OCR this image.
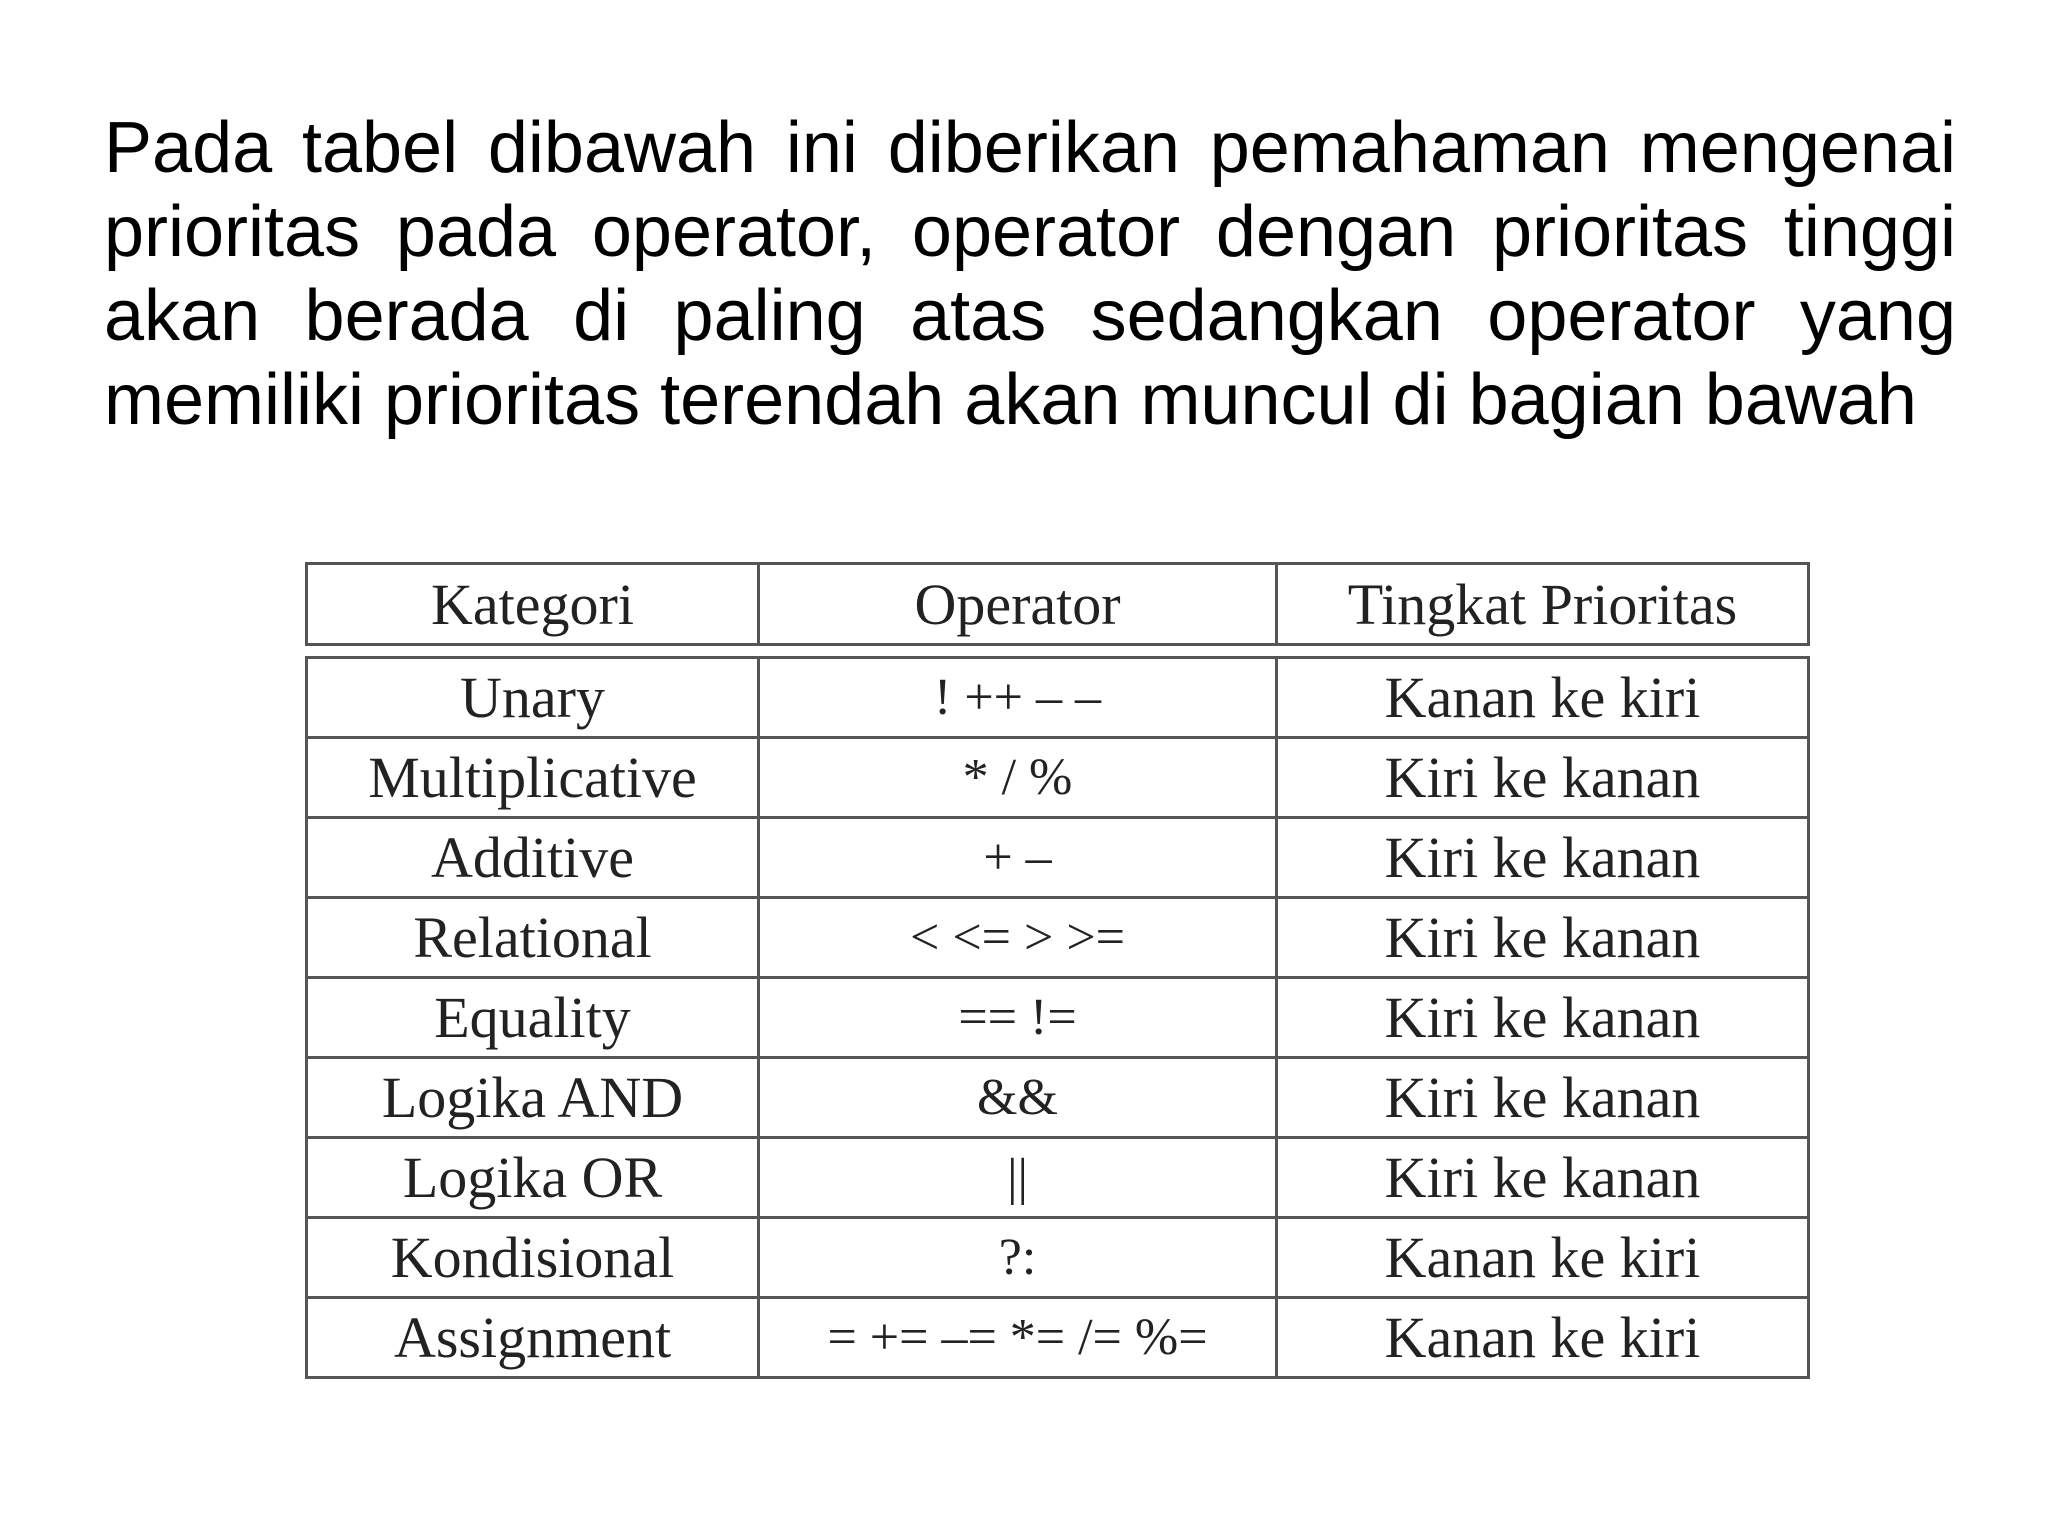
Pada tabel dibawah ini diberikan pemahaman mengenai prioritas pada operator, operator dengan prioritas tinggi akan berada di paling atas sedangkan operator yang memiliki prioritas terendah akan muncul di bagian bawah

Kategori	Operator	Tingkat Prioritas

Unary	! ++ – –	Kanan ke kiri
Multiplicative	* / %	Kiri ke kanan
Additive	+ –	Kiri ke kanan
Relational	< <= > >=	Kiri ke kanan
Equality	== !=	Kiri ke kanan
Logika AND	&&	Kiri ke kanan
Logika OR	||	Kiri ke kanan
Kondisional	?:	Kanan ke kiri
Assignment	= += –= *= /= %=	Kanan ke kiri
